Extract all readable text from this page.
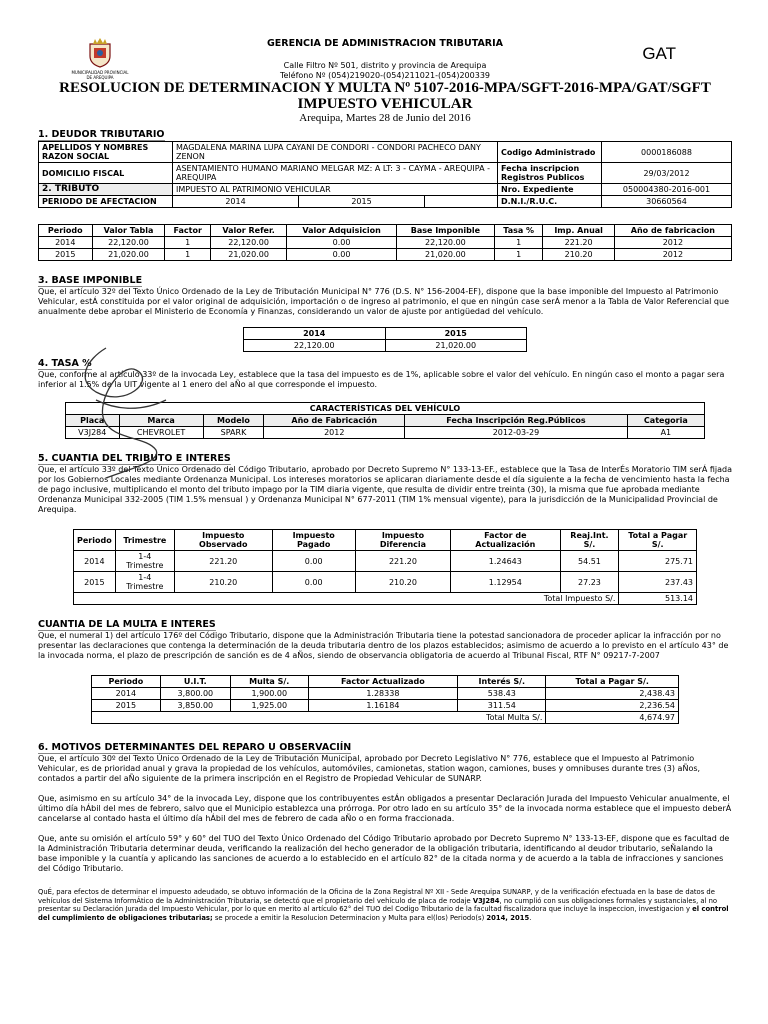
MUNICIPALIDAD PROVINCIAL DE AREQUIPA
GERENCIA DE ADMINISTRACION TRIBUTARIA
Calle Filtro Nº 501, distrito y provincia de Arequipa
Teléfono Nº (054)219020-(054)211021-(054)200339
GAT
RESOLUCION DE DETERMINACION Y MULTA Nº 5107-2016-MPA/SGFT-2016-MPA/GAT/SGFT
IMPUESTO VEHICULAR
Arequipa, Martes 28 de Junio del 2016
1. DEUDOR TRIBUTARIO
APELLIDOS Y NOMBRES RAZON SOCIAL	MAGDALENA MARINA LUPA CAYANI DE CONDORI - CONDORI PACHECO DANY ZENON			Codigo Administrado	0000186088
DOMICILIO FISCAL	ASENTAMIENTO HUMANO MARIANO MELGAR MZ: A LT: 3 - CAYMA - AREQUIPA - AREQUIPA			Fecha inscripcion Registros Publicos	29/03/2012
2. TRIBUTO	IMPUESTO AL PATRIMONIO VEHICULAR			Nro. Expediente	050004380-2016-001
PERIODO DE AFECTACION	2014	2015		D.N.I./R.U.C.	30660564
Periodo	Valor Tabla	Factor	Valor Refer.	Valor Adquisicion	Base Imponible	Tasa %	Imp. Anual	Año de fabricacion
2014	22,120.00	1	22,120.00	0.00	22,120.00	1	221.20	2012
2015	21,020.00	1	21,020.00	0.00	21,020.00	1	210.20	2012
3. BASE IMPONIBLE

Que, el artículo 32º del Texto Único Ordenado de la Ley de Tributación Municipal N° 776 (D.S. N° 156-2004-EF), dispone que la base imponible del Impuesto al Patrimonio Vehicular, estÁ constituida por el valor original de adquisición, importación o de ingreso al patrimonio, el que en ningún case serÁ menor a la Tabla de Valor Referencial que anualmente debe aprobar el Ministerio de Economía y Finanzas, considerando un valor de ajuste por antigüedad del vehículo.

2014	2015
22,120.00	21,020.00
4. TASA %

Que, conforme al artículo 33º de la invocada Ley, establece que la tasa del impuesto es de 1%, aplicable sobre el valor del vehículo. En ningún caso el monto a pagar sera inferior al 1.5% de la UIT vigente al 1 enero del aÑo al que corresponde el impuesto.

CARACTERÍSTICAS DEL VEHÍCULO					
Placa	Marca	Modelo	Año de Fabricación	Fecha Inscripción Reg.Públicos	Categoria
V3J284	CHEVROLET	SPARK	2012	2012-03-29	A1
5. CUANTIA DEL TRIBUTO E INTERES

Que, el artículo 33º del Texto Único Ordenado del Código Tributario, aprobado por Decreto Supremo N° 133-13-EF., establece que la Tasa de InterÉs Moratorio TIM serÁ fijada por los Gobiernos Locales mediante Ordenanza Municipal. Los intereses moratorios se aplicaran diariamente desde el día siguiente a la fecha de vencimiento hasta la fecha de pago inclusive, multiplicando el monto del tributo impago por la TIM diaria vigente, que resulta de dividir entre treinta (30), la misma que fue aprobada mediante Ordenanza Municipal 332-2005 (TIM 1.5% mensual ) y Ordenanza Municipal N° 677-2011 (TIM 1% mensual vigente), para la jurisdicción de la Municipalidad Provincial de Arequipa.

Periodo	Trimestre	Impuesto Observado	Impuesto Pagado	Impuesto Diferencia	Factor de Actualización	Reaj.Int. S/.	Total a Pagar S/.
2014	1-4 Trimestre	221.20	0.00	221.20	1.24643	54.51	275.71
2015	1-4 Trimestre	210.20	0.00	210.20	1.12954	27.23	237.43
Total Impuesto S/.							513.14
CUANTIA DE LA MULTA E INTERES

Que, el numeral 1) del artículo 176º del Código Tributario, dispone que la Administración Tributaria tiene la potestad sancionadora de proceder aplicar la infracción por no presentar las declaraciones que contenga la determinación de la deuda tributaria dentro de los plazos establecidos; asimismo de acuerdo a lo previsto en el artículo 43° de la invocada norma, el plazo de prescripción de sanción es de 4 aÑos, siendo de observancia obligatoria de acuerdo al Tribunal Fiscal, RTF N° 09217-7-2007

Periodo	U.I.T.	Multa S/.	Factor Actualizado	Interés S/.	Total a Pagar S/.
2014	3,800.00	1,900.00	1.28338	538.43	2,438.43
2015	3,850.00	1,925.00	1.16184	311.54	2,236.54
Total Multa S/.					4,674.97
6. MOTIVOS DETERMINANTES DEL REPARO U OBSERVACIÍN

Que, el artículo 30º del Texto Único Ordenado de la Ley de Tributación Municipal, aprobado por Decreto Legislativo N° 776, establece que el Impuesto al Patrimonio Vehicular, es de prioridad anual y grava la propiedad de los vehículos, automóviles, camionetas, station wagon, camiones, buses y omnibuses durante tres (3) aÑos, contados a partir del aÑo siguiente de la primera inscripción en el Registro de Propiedad Vehicular de SUNARP.

Que, asimismo en su artículo 34° de la invocada Ley, dispone que los contribuyentes estÁn obligados a presentar Declaración Jurada del Impuesto Vehicular anualmente, el último día hÁbil del mes de febrero, salvo que el Municipio establezca una prórroga. Por otro lado en su artículo 35° de la invocada norma establece que el impuesto deberÁ cancelarse al contado hasta el último día hÁbil del mes de febrero de cada aÑo o en forma fraccionada.

Que, ante su omisión el artículo 59° y 60° del TUO del Texto Único Ordenado del Código Tributario aprobado por Decreto Supremo N° 133-13-EF, dispone que es facultad de la Administración Tributaria determinar deuda, verificando la realización del hecho generador de la obligación tributaria, identificando al deudor tributario, seÑalando la base imponible y la cuantía y aplicando las sanciones de acuerdo a lo establecido en el artículo 82° de la citada norma y de acuerdo a la tabla de infracciones y sanciones del Código Tributario.

QuÉ, para efectos de determinar el impuesto adeudado, se obtuvo información de la Oficina de la Zona Registral Nº XII - Sede Arequipa SUNARP, y de la verificación efectuada en la base de datos de vehículos del Sistema InformÁtico de la Administración Tributaria, se detectó que el propietario del vehículo de placa de rodaje V3J284, no cumplió con sus obligaciones formales y sustanciales, al no presentar su Declaración Jurada del Impuesto Vehicular, por lo que en merito al artículo 62° del TUO del Codigo Tributario de la facultad fiscalizadora que incluye la inspeccion, investigacion y el control del cumplimiento de obligaciones tributarias; se procede a emitir la Resolucion Determinacion y Multa para el(los) Periodo(s) 2014, 2015.
